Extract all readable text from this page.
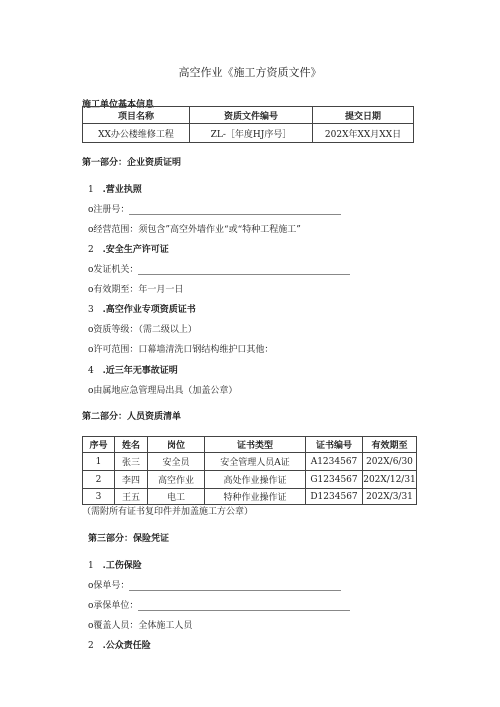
高空作业《施工方资质文件》
施工单位基本信息
项目名称	资质文件编号	提交日期
XX办公楼维修工程	ZL-［年度HJ序号］	202X年XX月XX日
第一部分：企业资质证明
1 .营业执照
o注册号：
o经营范围：须包含”高空外墙作业“或“特种工程施工”
2 .安全生产许可证
o发证机关：
o有效期至：年一月一日
3 .高空作业专项资质证书
o资质等级：（需二级以上）
o许可范围：口幕墙清洗口钢结构维护口其他：
4 .近三年无事故证明
o由属地应急管理局出具（加盖公章）
第二部分：人员资质清单
序号	姓名	岗位	证书类型	证书编号	有效期至
1	张三	安全员	安全管理人员A证	A1234567	202X/6/30
2	李四	高空作业	高处作业操作证	G1234567	202X/12/31
3	王五	电工	特种作业操作证	D1234567	202X/3/31
（需附所有证书复印件并加盖施工方公章）
第三部分：保险凭证
1 .工伤保险
o保单号：
o承保单位：
o覆盖人员：全体施工人员
2 .公众责任险
